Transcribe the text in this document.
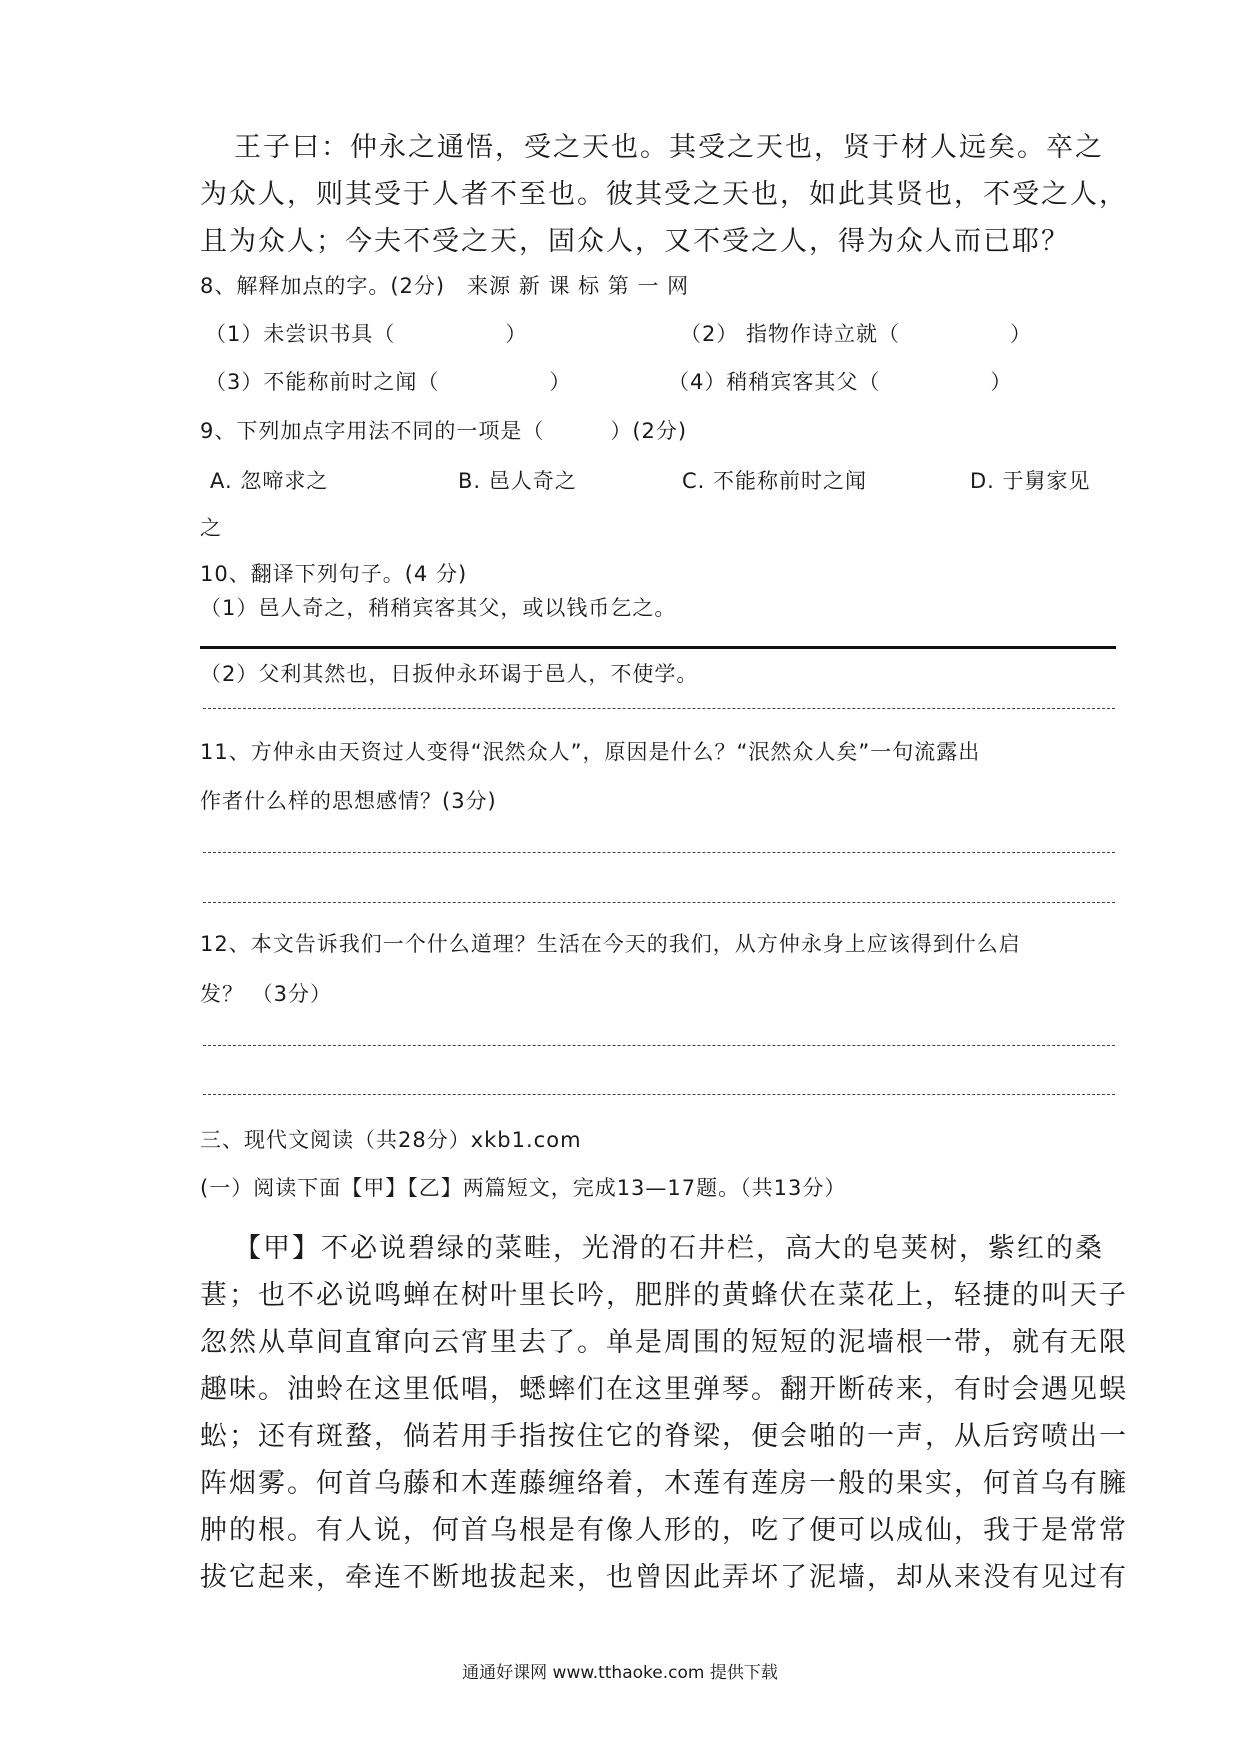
王子曰：仲永之通悟，受之天也。其受之天也，贤于材人远矣。卒之
为众人，则其受于人者不至也。彼其受之天也，如此其贤也，不受之人，
且为众人；今夫不受之天，固众人，又不受之人，得为众人而已耶？
8、解释加点的字。(2分)　来源 新 课 标 第 一 网
（1）未尝识书具（　　　　　）	（2） 指物作诗立就（　　　　　）
（3）不能称前时之闻（　　　　　）	（4）稍稍宾客其父（　　　　　）
9、下列加点字用法不同的一项是（　　　）(2分)
A. 忽啼求之	B. 邑人奇之	C. 不能称前时之闻	D. 于舅家见
之
10、翻译下列句子。(4 分)
（1）邑人奇之，稍稍宾客其父，或以钱币乞之。
（2）父利其然也，日扳仲永环谒于邑人，不使学。
11、方仲永由天资过人变得“泯然众人”，原因是什么？“泯然众人矣”一句流露出
作者什么样的思想感情？(3分)
12、本文告诉我们一个什么道理？生活在今天的我们，从方仲永身上应该得到什么启
发？ （3分）
三、现代文阅读（共28分）xkb1.com
(一）阅读下面【甲】【乙】两篇短文，完成13—17题。（共13分）
【甲】不必说碧绿的菜畦，光滑的石井栏，高大的皂荚树，紫红的桑
葚；也不必说鸣蝉在树叶里长吟，肥胖的黄蜂伏在菜花上，轻捷的叫天子
忽然从草间直窜向云宵里去了。单是周围的短短的泥墙根一带，就有无限
趣味。油蛉在这里低唱，蟋蟀们在这里弹琴。翻开断砖来，有时会遇见蜈
蚣；还有斑蝥，倘若用手指按住它的脊梁，便会啪的一声，从后窍喷出一
阵烟雾。何首乌藤和木莲藤缠络着，木莲有莲房一般的果实，何首乌有臃
肿的根。有人说，何首乌根是有像人形的，吃了便可以成仙，我于是常常
拔它起来，牵连不断地拔起来，也曾因此弄坏了泥墙，却从来没有见过有
通通好课网 www.tthaoke.com 提供下载
